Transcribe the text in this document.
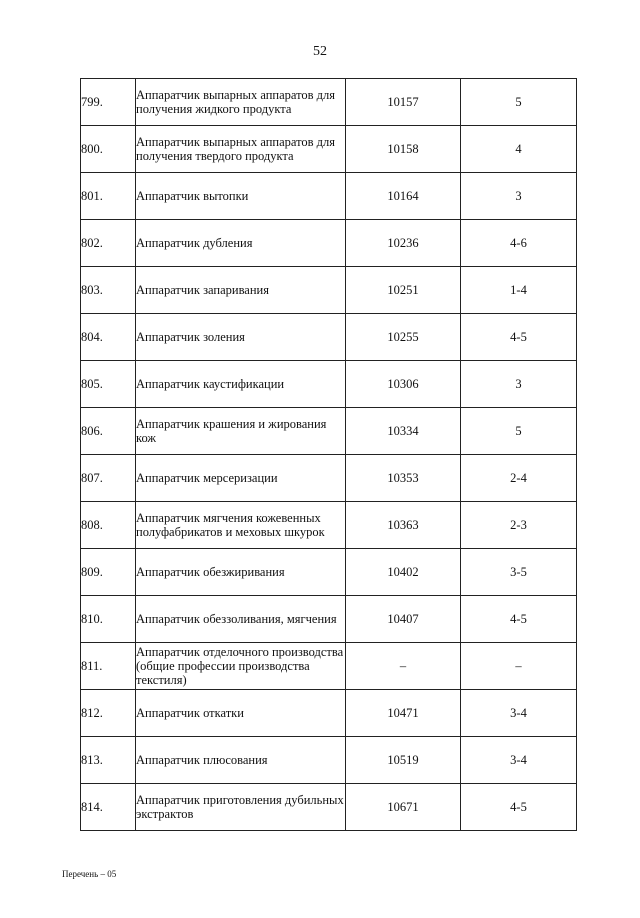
52
799.	Аппаратчик выпарных аппаратов для получения жидкого продукта	10157	5
800.	Аппаратчик выпарных аппаратов для получения твердого продукта	10158	4
801.	Аппаратчик вытопки	10164	3
802.	Аппаратчик дубления	10236	4-6
803.	Аппаратчик запаривания	10251	1-4
804.	Аппаратчик золения	10255	4-5
805.	Аппаратчик каустификации	10306	3
806.	Аппаратчик крашения и жирования кож	10334	5
807.	Аппаратчик мерсеризации	10353	2-4
808.	Аппаратчик мягчения кожевенных полуфабрикатов и меховых шкурок	10363	2-3
809.	Аппаратчик обезжиривания	10402	3-5
810.	Аппаратчик обеззоливания, мягчения	10407	4-5
811.	Аппаратчик отделочного производства (общие профессии производства текстиля)	–	–
812.	Аппаратчик откатки	10471	3-4
813.	Аппаратчик плюсования	10519	3-4
814.	Аппаратчик приготовления дубильных экстрактов	10671	4-5
Перечень – 05
